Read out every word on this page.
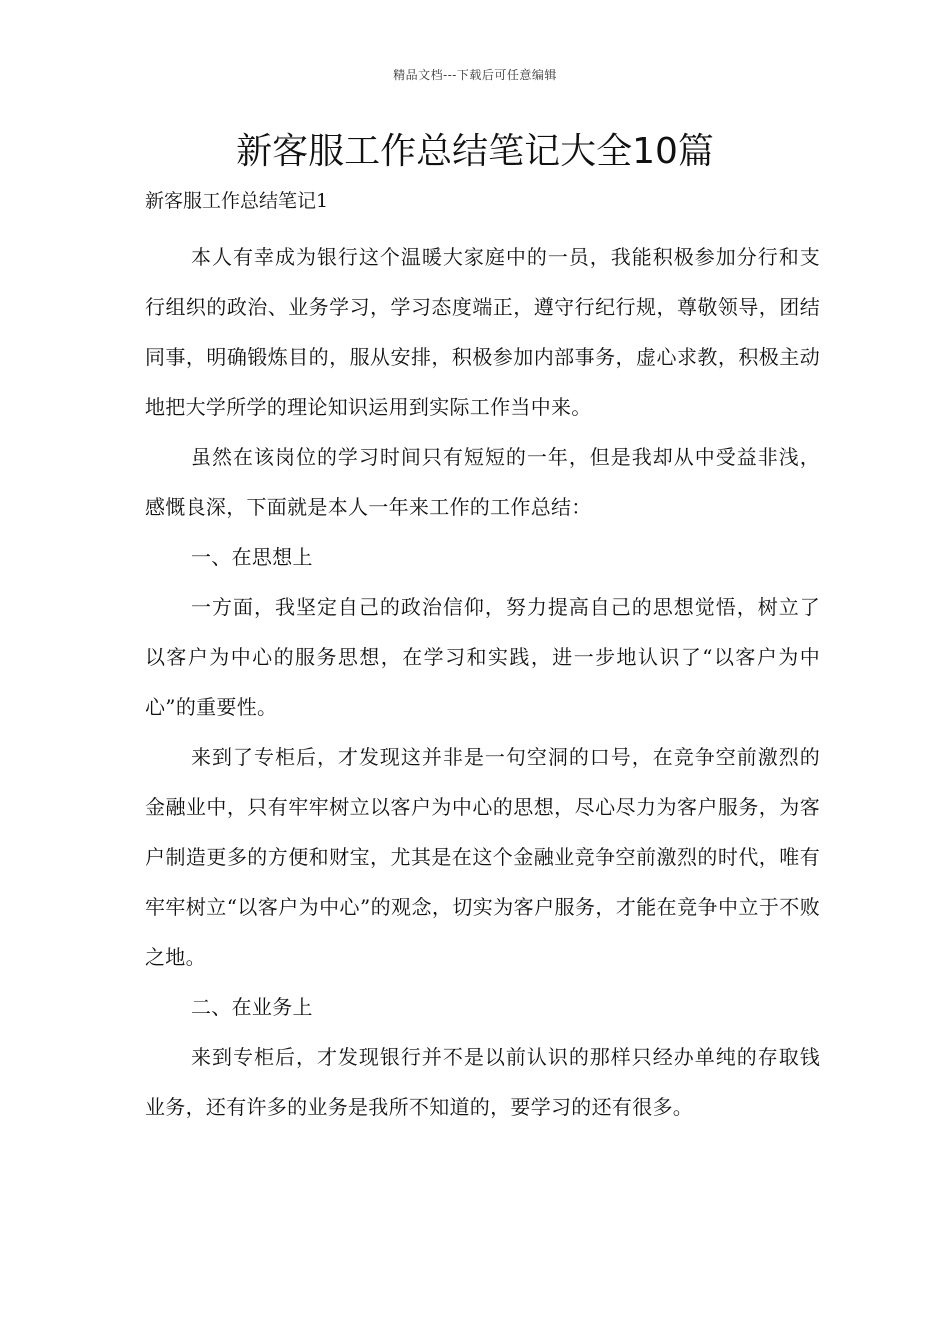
精品文档---下载后可任意编辑
新客服工作总结笔记大全10篇

新客服工作总结笔记1

本人有幸成为银行这个温暖大家庭中的一员，我能积极参加分行和支行组织的政治、业务学习，学习态度端正，遵守行纪行规，尊敬领导，团结同事，明确锻炼目的，服从安排，积极参加内部事务，虚心求教，积极主动地把大学所学的理论知识运用到实际工作当中来。

虽然在该岗位的学习时间只有短短的一年，但是我却从中受益非浅，感慨良深，下面就是本人一年来工作的工作总结：

一、在思想上

一方面，我坚定自己的政治信仰，努力提高自己的思想觉悟，树立了以客户为中心的服务思想，在学习和实践，进一步地认识了“以客户为中心”的重要性。

来到了专柜后，才发现这并非是一句空洞的口号，在竞争空前激烈的金融业中，只有牢牢树立以客户为中心的思想，尽心尽力为客户服务，为客户制造更多的方便和财宝，尤其是在这个金融业竞争空前激烈的时代，唯有牢牢树立“以客户为中心”的观念，切实为客户服务，才能在竞争中立于不败之地。

二、在业务上

来到专柜后，才发现银行并不是以前认识的那样只经办单纯的存取钱业务，还有许多的业务是我所不知道的，要学习的还有很多。
